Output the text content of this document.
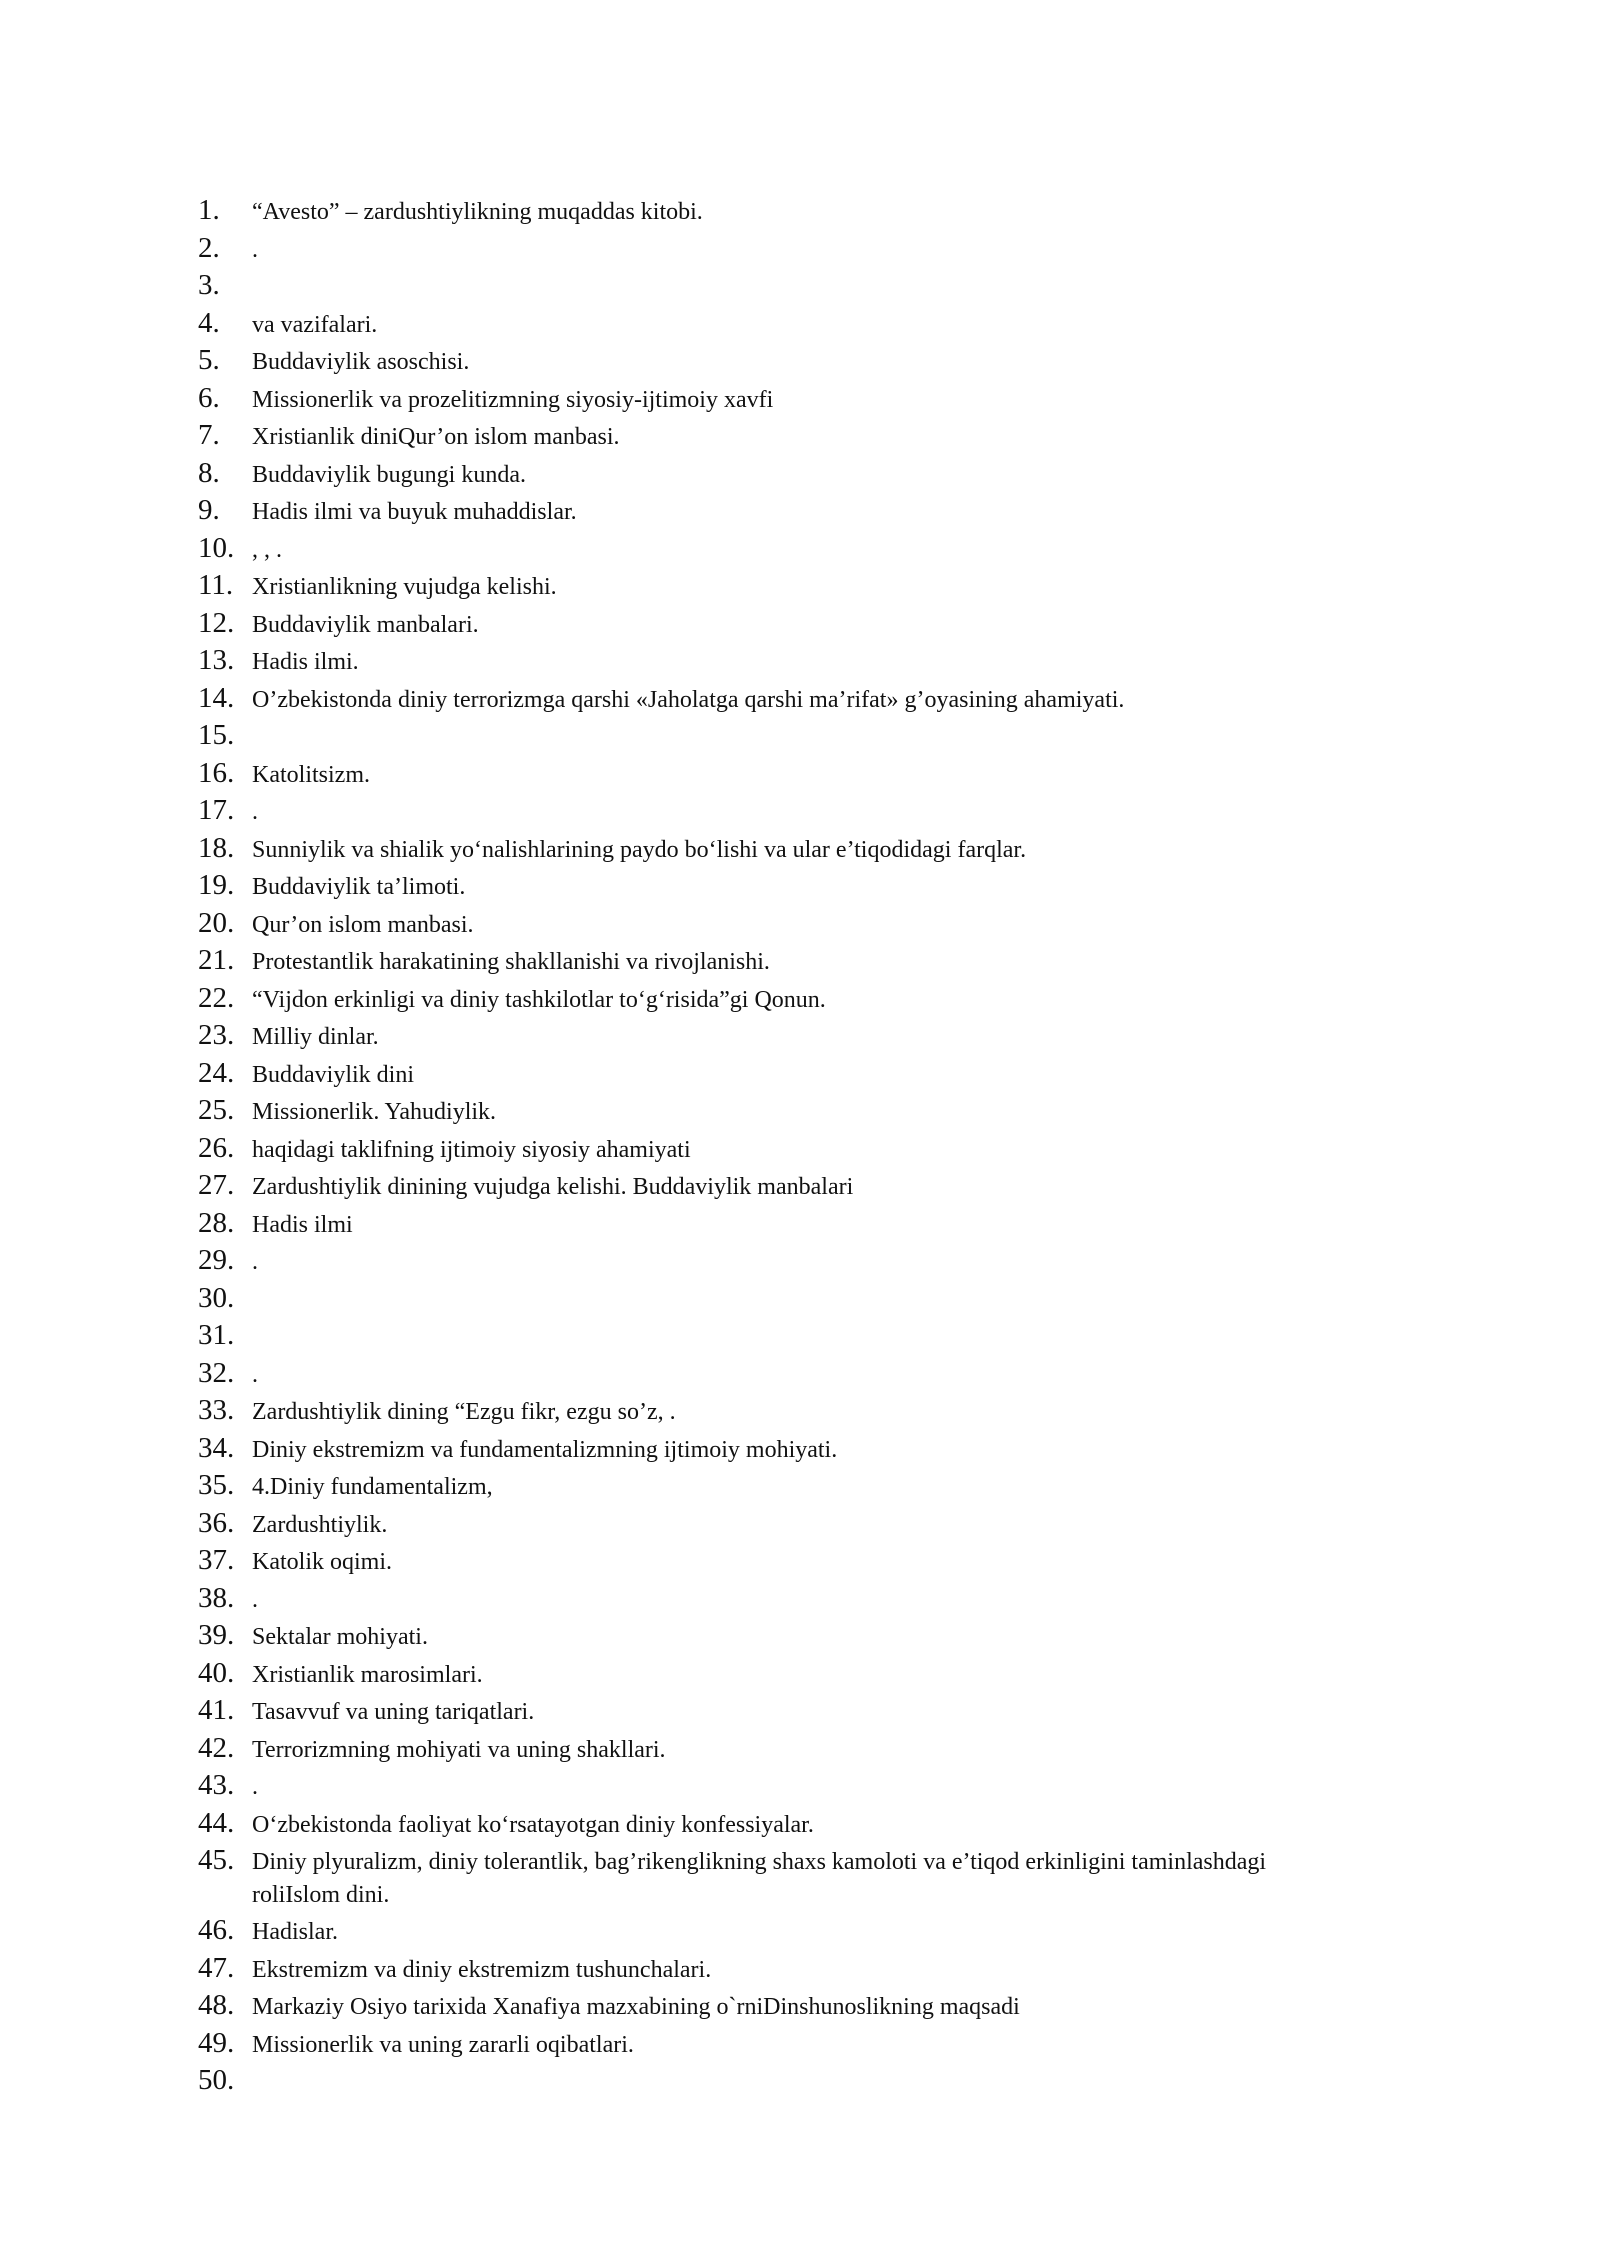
1.	“Avesto” – zardushtiylikning muqaddas kitobi.
2.	.
3.
4.	va vazifalari.
5.	Buddaviylik asoschisi.
6.	Missionerlik va prozelitizmning siyosiy-ijtimoiy xavfi
7.	Xristianlik diniQur’on islom manbasi.
8.	Buddaviylik bugungi kunda.
9.	Hadis ilmi va buyuk muhaddislar.
10. , , .
11. Xristianlikning vujudga kelishi.
12. Buddaviylik manbalari.
13. Hadis ilmi.
14. O’zbekistonda diniy terrorizmga qarshi «Jaholatga qarshi ma’rifat» g’oyasining ahamiyati.
15.
16. Katolitsizm.
17. .
18. Sunniylik va shialik yo‘nalishlarining paydo bo‘lishi va ular e’tiqodidagi farqlar.
19. Buddaviylik ta’limoti.
20. Qur’on islom manbasi.
21. Protestantlik harakatining shakllanishi va rivojlanishi.
22. “Vijdon erkinligi va diniy tashkilotlar to‘g‘risida”gi Qonun.
23. Milliy dinlar.
24. Buddaviylik dini
25. Missionerlik. Yahudiylik.
26. haqidagi taklifning ijtimoiy siyosiy ahamiyati
27. Zardushtiylik dinining vujudga kelishi. Buddaviylik manbalari
28. Hadis ilmi
29. .
30.
31.
32. .
33. Zardushtiylik dining “Ezgu fikr, ezgu so’z, .
34. Diniy ekstremizm va fundamentalizmning ijtimoiy mohiyati.
35. 4.Diniy fundamentalizm,
36. Zardushtiylik.
37. Katolik oqimi.
38. .
39. Sektalar mohiyati.
40. Xristianlik marosimlari.
41. Tasavvuf va uning tariqatlari.
42. Terrorizmning mohiyati va uning shakllari.
43. .
44. O‘zbekistonda faoliyat ko‘rsatayotgan diniy konfessiyalar.
45. Diniy plyuralizm, diniy tolerantlik, bag’rikenglikning shaxs kamoloti va e’tiqod erkinligini taminlashdagi roliIslom dini.
46. Hadislar.
47. Ekstremizm va diniy ekstremizm tushunchalari.
48. Markaziy Osiyo tarixida Xanafiya mazxabining o`rniDinshunoslikning maqsadi
49. Missionerlik va uning zararli oqibatlari.
50.
